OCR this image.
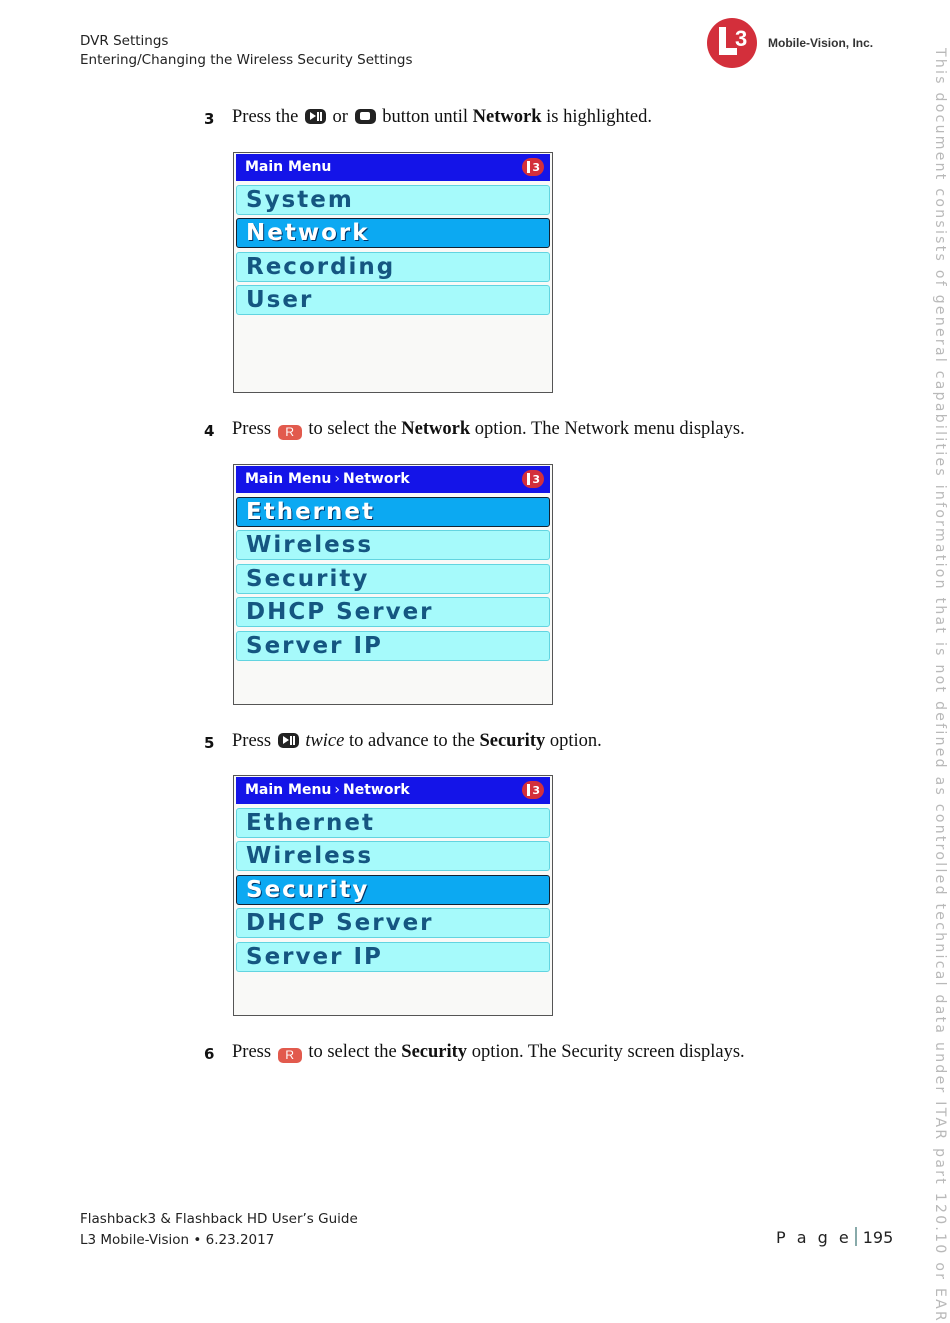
DVR Settings
Entering/Changing the Wireless Security Settings
3 Mobile-Vision, Inc.
This document consists of general capabilities information that is not defined as controlled technical data under ITAR part 120.10 or EAR
3 Press the or button until Network is highlighted.
Main Menu
3
System
Network
Recording
User
4 Press R to select the Network option. The Network menu displays.
Main Menu › Network
3
Ethernet
Wireless
Security
DHCP Server
Server IP
5 Press twice to advance to the Security option.
Main Menu › Network
3
Ethernet
Wireless
Security
DHCP Server
Server IP
6 Press R to select the Security option. The Security screen displays.
Flashback3 & Flashback HD User’s Guide
L3 Mobile-Vision • 6.23.2017	P a g e 195
